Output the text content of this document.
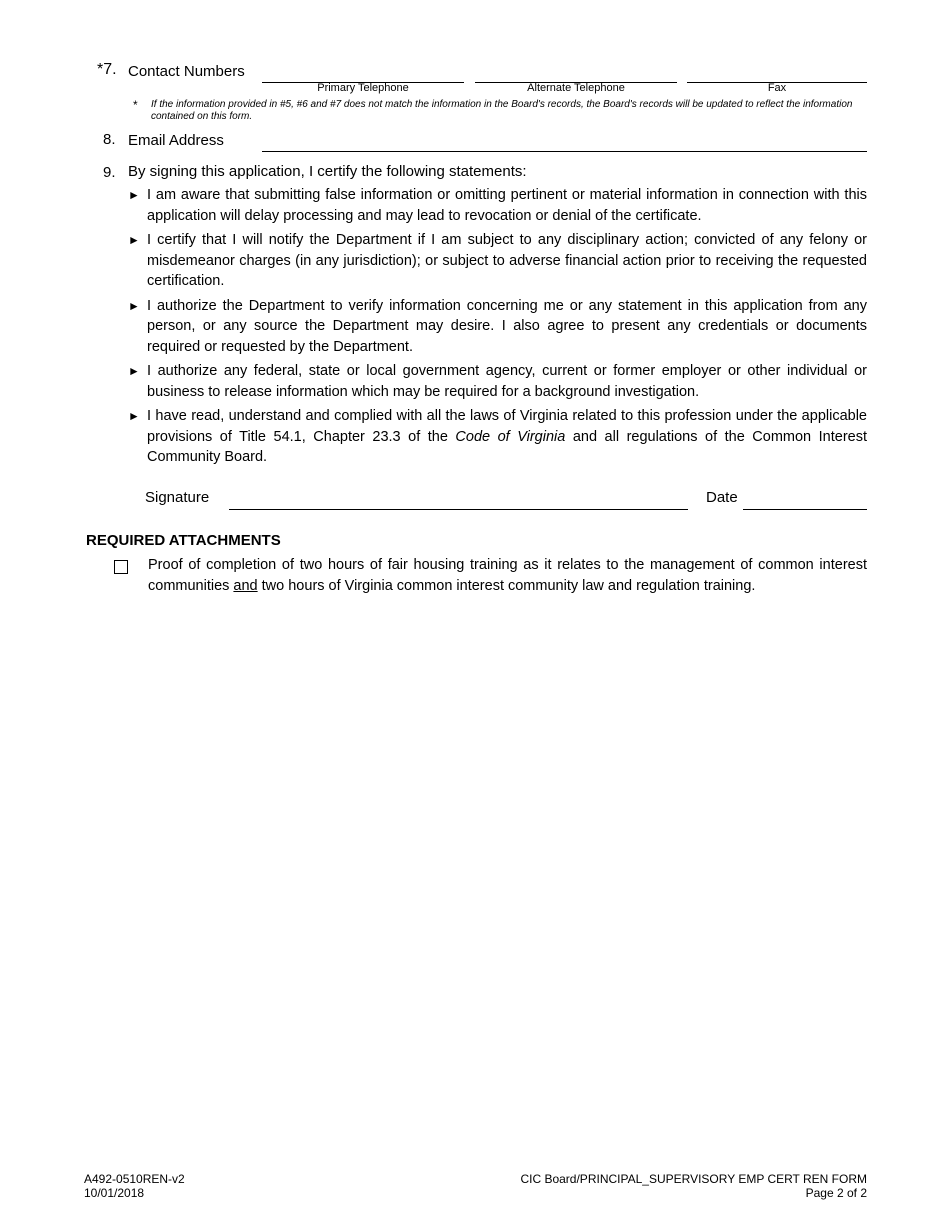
*7. Contact Numbers
Primary Telephone	Alternate Telephone	Fax
* If the information provided in #5, #6 and #7 does not match the information in the Board's records, the Board's records will be updated to reflect the information contained on this form.
8. Email Address
9. By signing this application, I certify the following statements:
► I am aware that submitting false information or omitting pertinent or material information in connection with this application will delay processing and may lead to revocation or denial of the certificate.
► I certify that I will notify the Department if I am subject to any disciplinary action; convicted of any felony or misdemeanor charges (in any jurisdiction); or subject to adverse financial action prior to receiving the requested certification.
► I authorize the Department to verify information concerning me or any statement in this application from any person, or any source the Department may desire. I also agree to present any credentials or documents required or requested by the Department.
► I authorize any federal, state or local government agency, current or former employer or other individual or business to release information which may be required for a background investigation.
► I have read, understand and complied with all the laws of Virginia related to this profession under the applicable provisions of Title 54.1, Chapter 23.3 of the Code of Virginia and all regulations of the Common Interest Community Board.
Signature	Date
REQUIRED ATTACHMENTS
Proof of completion of two hours of fair housing training as it relates to the management of common interest communities and two hours of Virginia common interest community law and regulation training.
A492-0510REN-v2
10/01/2018
CIC Board/PRINCIPAL_SUPERVISORY EMP CERT REN FORM
Page 2 of 2
